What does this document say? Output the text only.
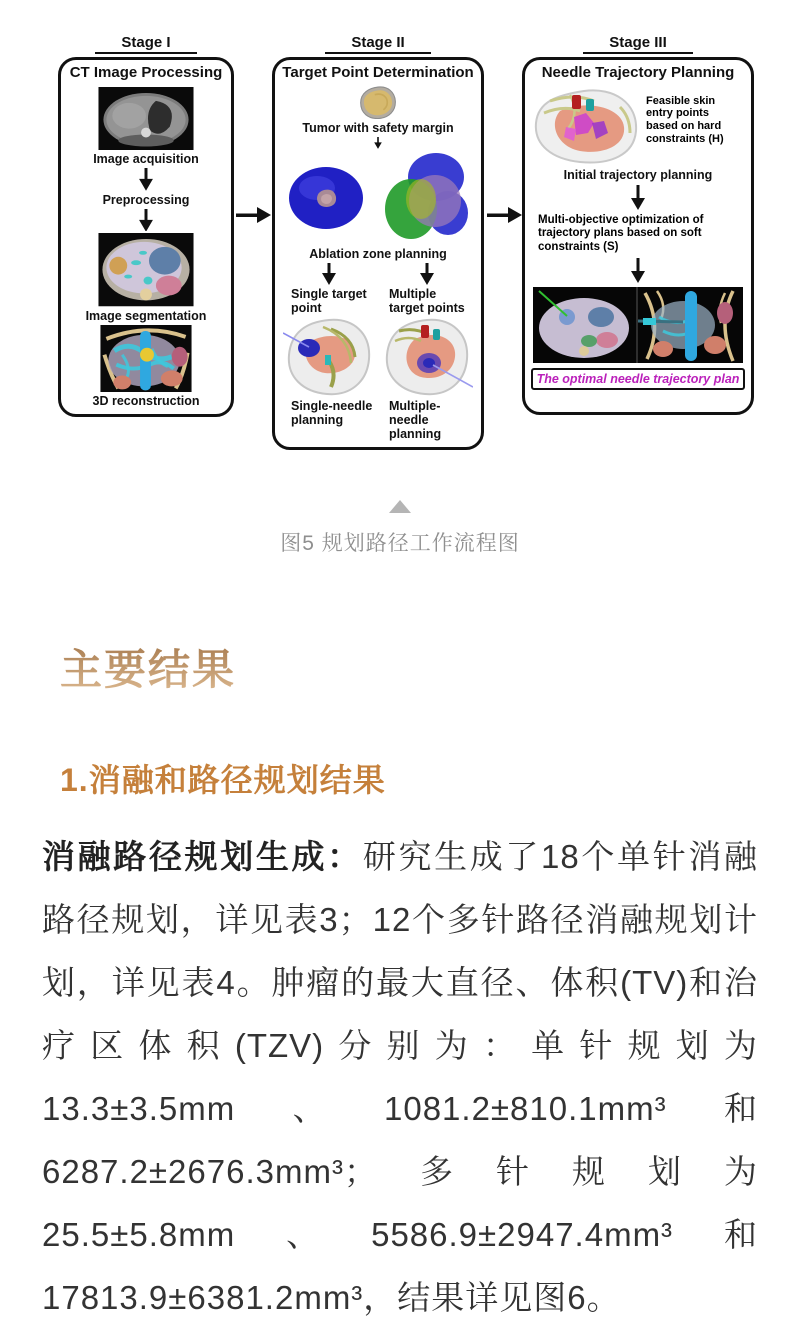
Stage I
CT Image Processing
Image acquisition
Preprocessing
Image segmentation
3D reconstruction
Stage II
Target Point Determination
Tumor with safety margin
Ablation zone planning
Single target point
Multiple target points
Single-needle planning
Multiple-needle planning
Stage III
Needle Trajectory Planning
Feasible skin entry points based on hard constraints (H)
Initial trajectory planning
Multi-objective optimization of trajectory plans based on soft constraints (S)
The optimal needle trajectory plan
图5 规划路径工作流程图
主要结果
1.消融和路径规划结果

消融路径规划生成：研究生成了18个单针消融路径规划，详见表3；12个多针路径消融规划计划，详见表4。肿瘤的最大直径、体积(TV)和治疗区体积(TZV)分别为：单针规划为13.3±3.5mm、1081.2±810.1mm³和6287.2±2676.3mm³；多针规划为25.5±5.8mm、5586.9±2947.4mm³和17813.9±6381.2mm³，结果详见图6。
